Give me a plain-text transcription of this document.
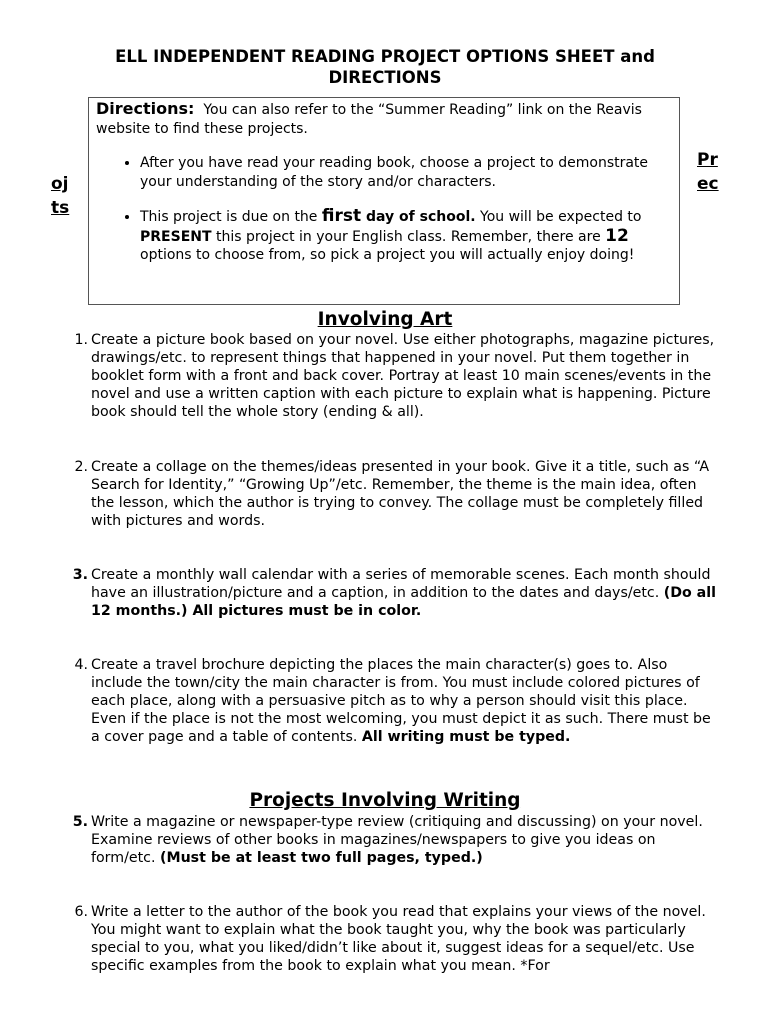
ELL INDEPENDENT READING PROJECT OPTIONS SHEET and DIRECTIONS
oj
ts
Pr
ec

Directions: You can also refer to the “Summer Reading” link on the Reavis website to find these projects.

• After you have read your reading book, choose a project to demonstrate your understanding of the story and/or characters.
• This project is due on the first day of school. You will be expected to PRESENT this project in your English class. Remember, there are 12 options to choose from, so pick a project you will actually enjoy doing!
Involving Art
1. Create a picture book based on your novel. Use either photographs, magazine pictures, drawings/etc. to represent things that happened in your novel. Put them together in booklet form with a front and back cover. Portray at least 10 main scenes/events in the novel and use a written caption with each picture to explain what is happening. Picture book should tell the whole story (ending & all).
2. Create a collage on the themes/ideas presented in your book. Give it a title, such as “A Search for Identity,” “Growing Up”/etc. Remember, the theme is the main idea, often the lesson, which the author is trying to convey. The collage must be completely filled with pictures and words.
3. Create a monthly wall calendar with a series of memorable scenes. Each month should have an illustration/picture and a caption, in addition to the dates and days/etc. (Do all 12 months.) All pictures must be in color.
4. Create a travel brochure depicting the places the main character(s) goes to. Also include the town/city the main character is from. You must include colored pictures of each place, along with a persuasive pitch as to why a person should visit this place. Even if the place is not the most welcoming, you must depict it as such. There must be a cover page and a table of contents. All writing must be typed.
Projects Involving Writing
5. Write a magazine or newspaper-type review (critiquing and discussing) on your novel. Examine reviews of other books in magazines/newspapers to give you ideas on form/etc. (Must be at least two full pages, typed.)
6. Write a letter to the author of the book you read that explains your views of the novel. You might want to explain what the book taught you, why the book was particularly special to you, what you liked/didn’t like about it, suggest ideas for a sequel/etc. Use specific examples from the book to explain what you mean. *For
